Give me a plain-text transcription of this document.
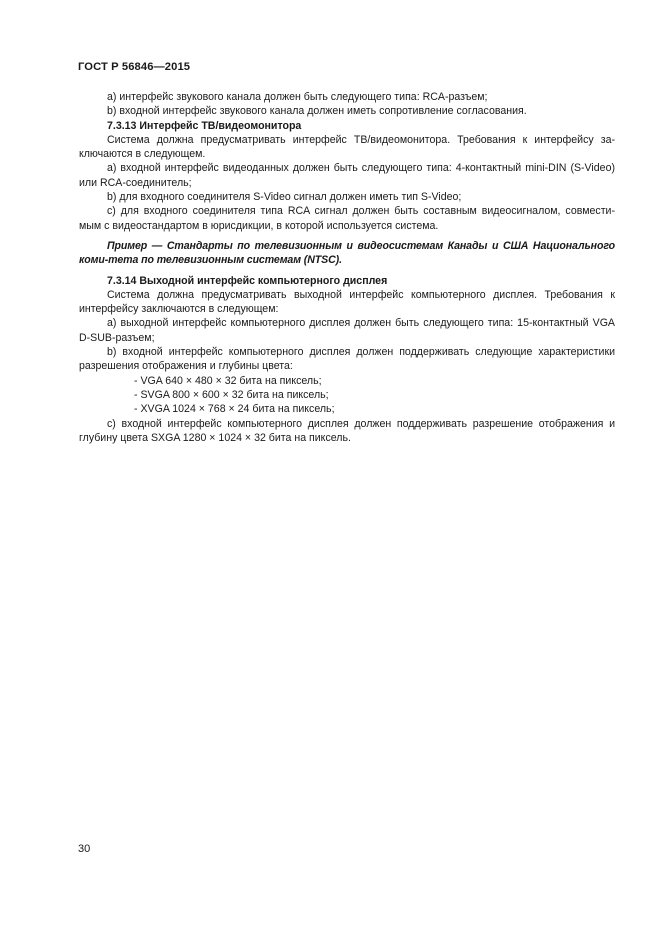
ГОСТ Р 56846—2015

a) интерфейс звукового канала должен быть следующего типа: RCA-разъем;

b) входной интерфейс звукового канала должен иметь сопротивление согласования.

7.3.13 Интерфейс ТВ/видеомонитора

Система должна предусматривать интерфейс ТВ/видеомонитора. Требования к интерфейсу за-ключаются в следующем.

a) входной интерфейс видеоданных должен быть следующего типа: 4-контактный mini-DIN (S-Video) или RCA-соединитель;

b) для входного соединителя S-Video сигнал должен иметь тип S-Video;

c) для входного соединителя типа RCA сигнал должен быть составным видеосигналом, совмести-мым с видеостандартом в юрисдикции, в которой используется система.

Пример — Стандарты по телевизионным и видеосистемам Канады и США Национального коми-тета по телевизионным системам (NTSC).

7.3.14 Выходной интерфейс компьютерного дисплея

Система должна предусматривать выходной интерфейс компьютерного дисплея. Требования к интерфейсу заключаются в следующем:

a) выходной интерфейс компьютерного дисплея должен быть следующего типа: 15-контактный VGA D-SUB-разъем;

b) входной интерфейс компьютерного дисплея должен поддерживать следующие характеристики разрешения отображения и глубины цвета:

- VGA 640 × 480 × 32 бита на пиксель;

- SVGA 800 × 600 × 32 бита на пиксель;

- XVGA 1024 × 768 × 24 бита на пиксель;

c) входной интерфейс компьютерного дисплея должен поддерживать разрешение отображения и глубину цвета SXGA 1280 × 1024 × 32 бита на пиксель.

30
